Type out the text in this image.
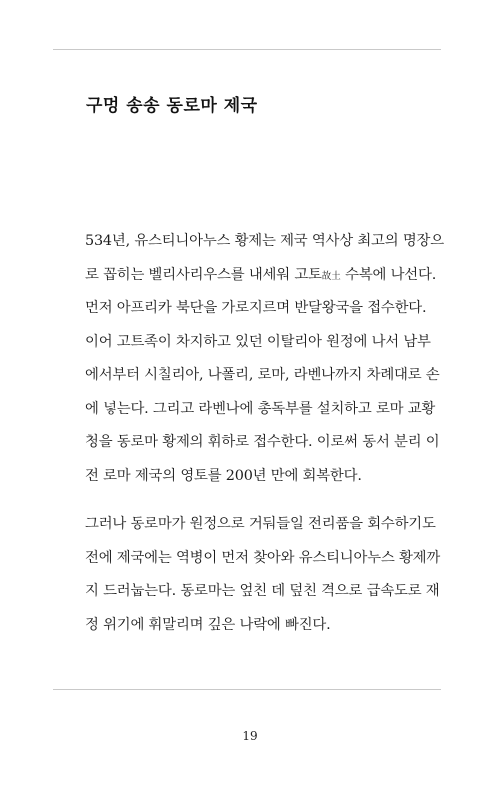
구멍 송송 동로마 제국

534년, 유스티니아누스 황제는 제국 역사상 최고의 명장으
로 꼽히는 벨리사리우스를 내세워 고토故土 수복에 나선다.
먼저 아프리카 북단을 가로지르며 반달왕국을 접수한다.
이어 고트족이 차지하고 있던 이탈리아 원정에 나서 남부
에서부터 시칠리아, 나폴리, 로마, 라벤나까지 차례대로 손
에 넣는다. 그리고 라벤나에 총독부를 설치하고 로마 교황
청을 동로마 황제의 휘하로 접수한다. 이로써 동서 분리 이
전 로마 제국의 영토를 200년 만에 회복한다.

그러나 동로마가 원정으로 거둬들일 전리품을 회수하기도
전에 제국에는 역병이 먼저 찾아와 유스티니아누스 황제까
지 드러눕는다. 동로마는 엎친 데 덮친 격으로 급속도로 재
정 위기에 휘말리며 깊은 나락에 빠진다.

19
